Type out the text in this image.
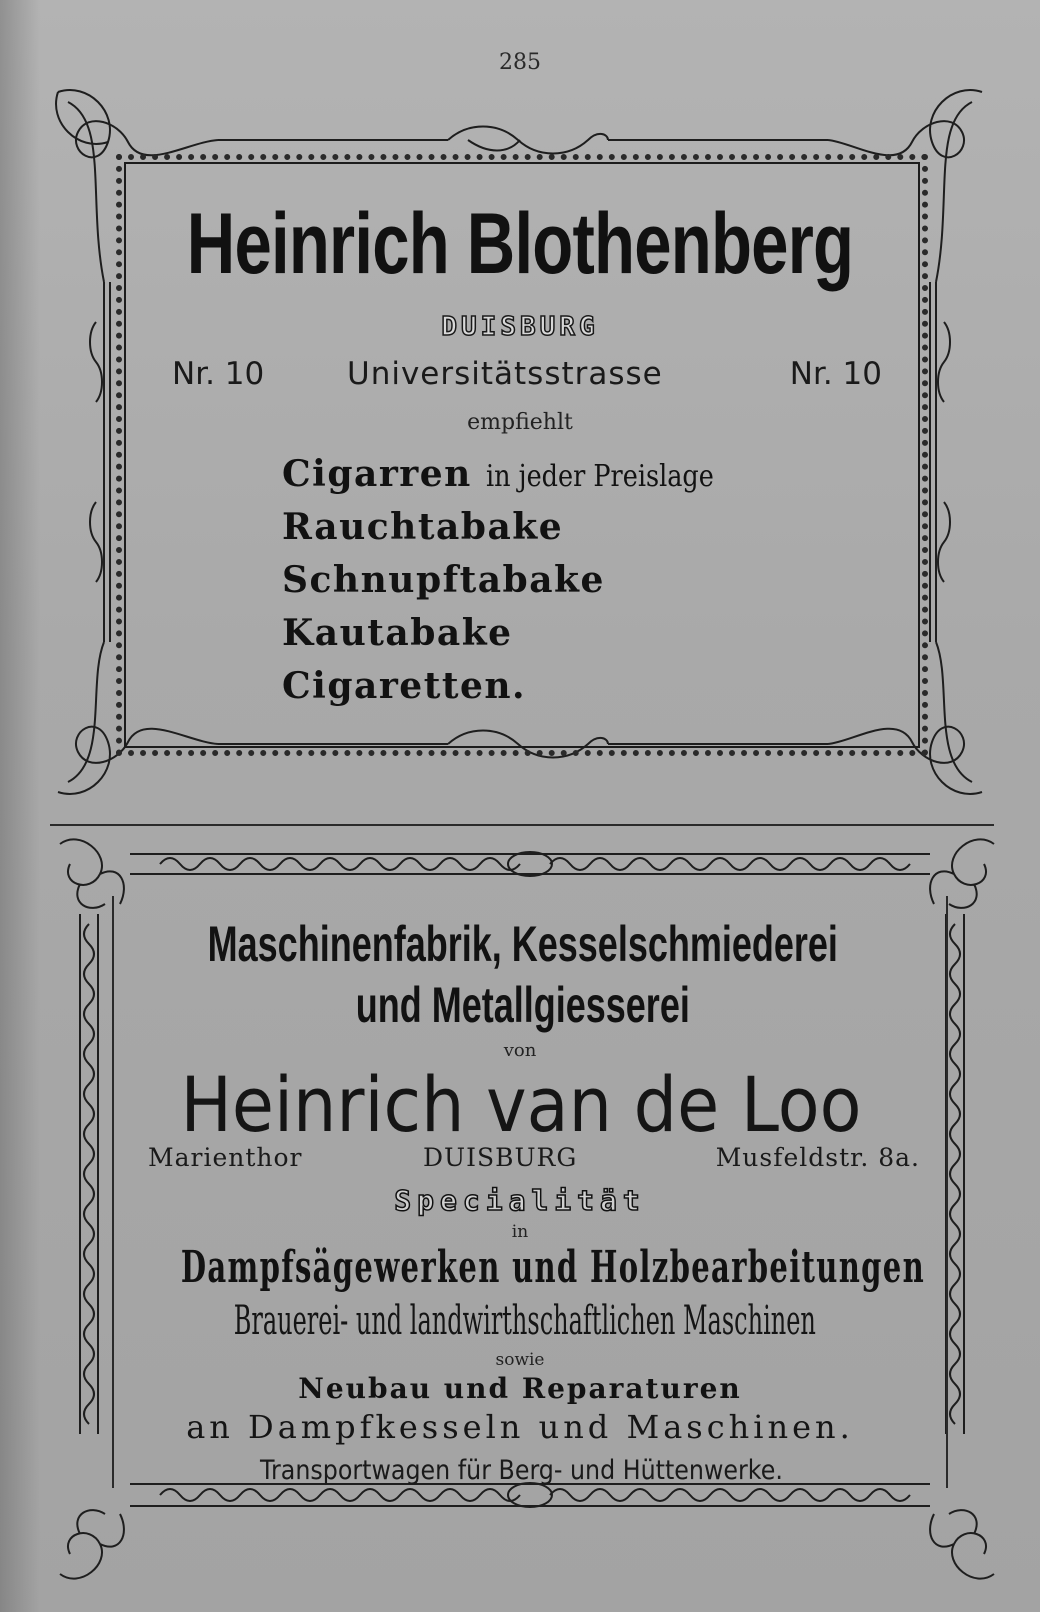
285
Heinrich Blothenberg
DUISBURG
Nr. 10	Universitätsstrasse	Nr. 10
empfiehlt
Cigarren in jeder Preislage
Rauchtabake
Schnupftabake
Kautabake
Cigaretten.
Maschinenfabrik, Kesselschmiederei
und Metallgiesserei
von
Heinrich van de Loo
Marienthor	DUISBURG	Musfeldstr. 8a.
Specialität
in
Dampfsägewerken und Holzbearbeitungen
Brauerei- und landwirthschaftlichen Maschinen
sowie
Neubau und Reparaturen
an Dampfkesseln und Maschinen.
Transportwagen für Berg- und Hüttenwerke.
